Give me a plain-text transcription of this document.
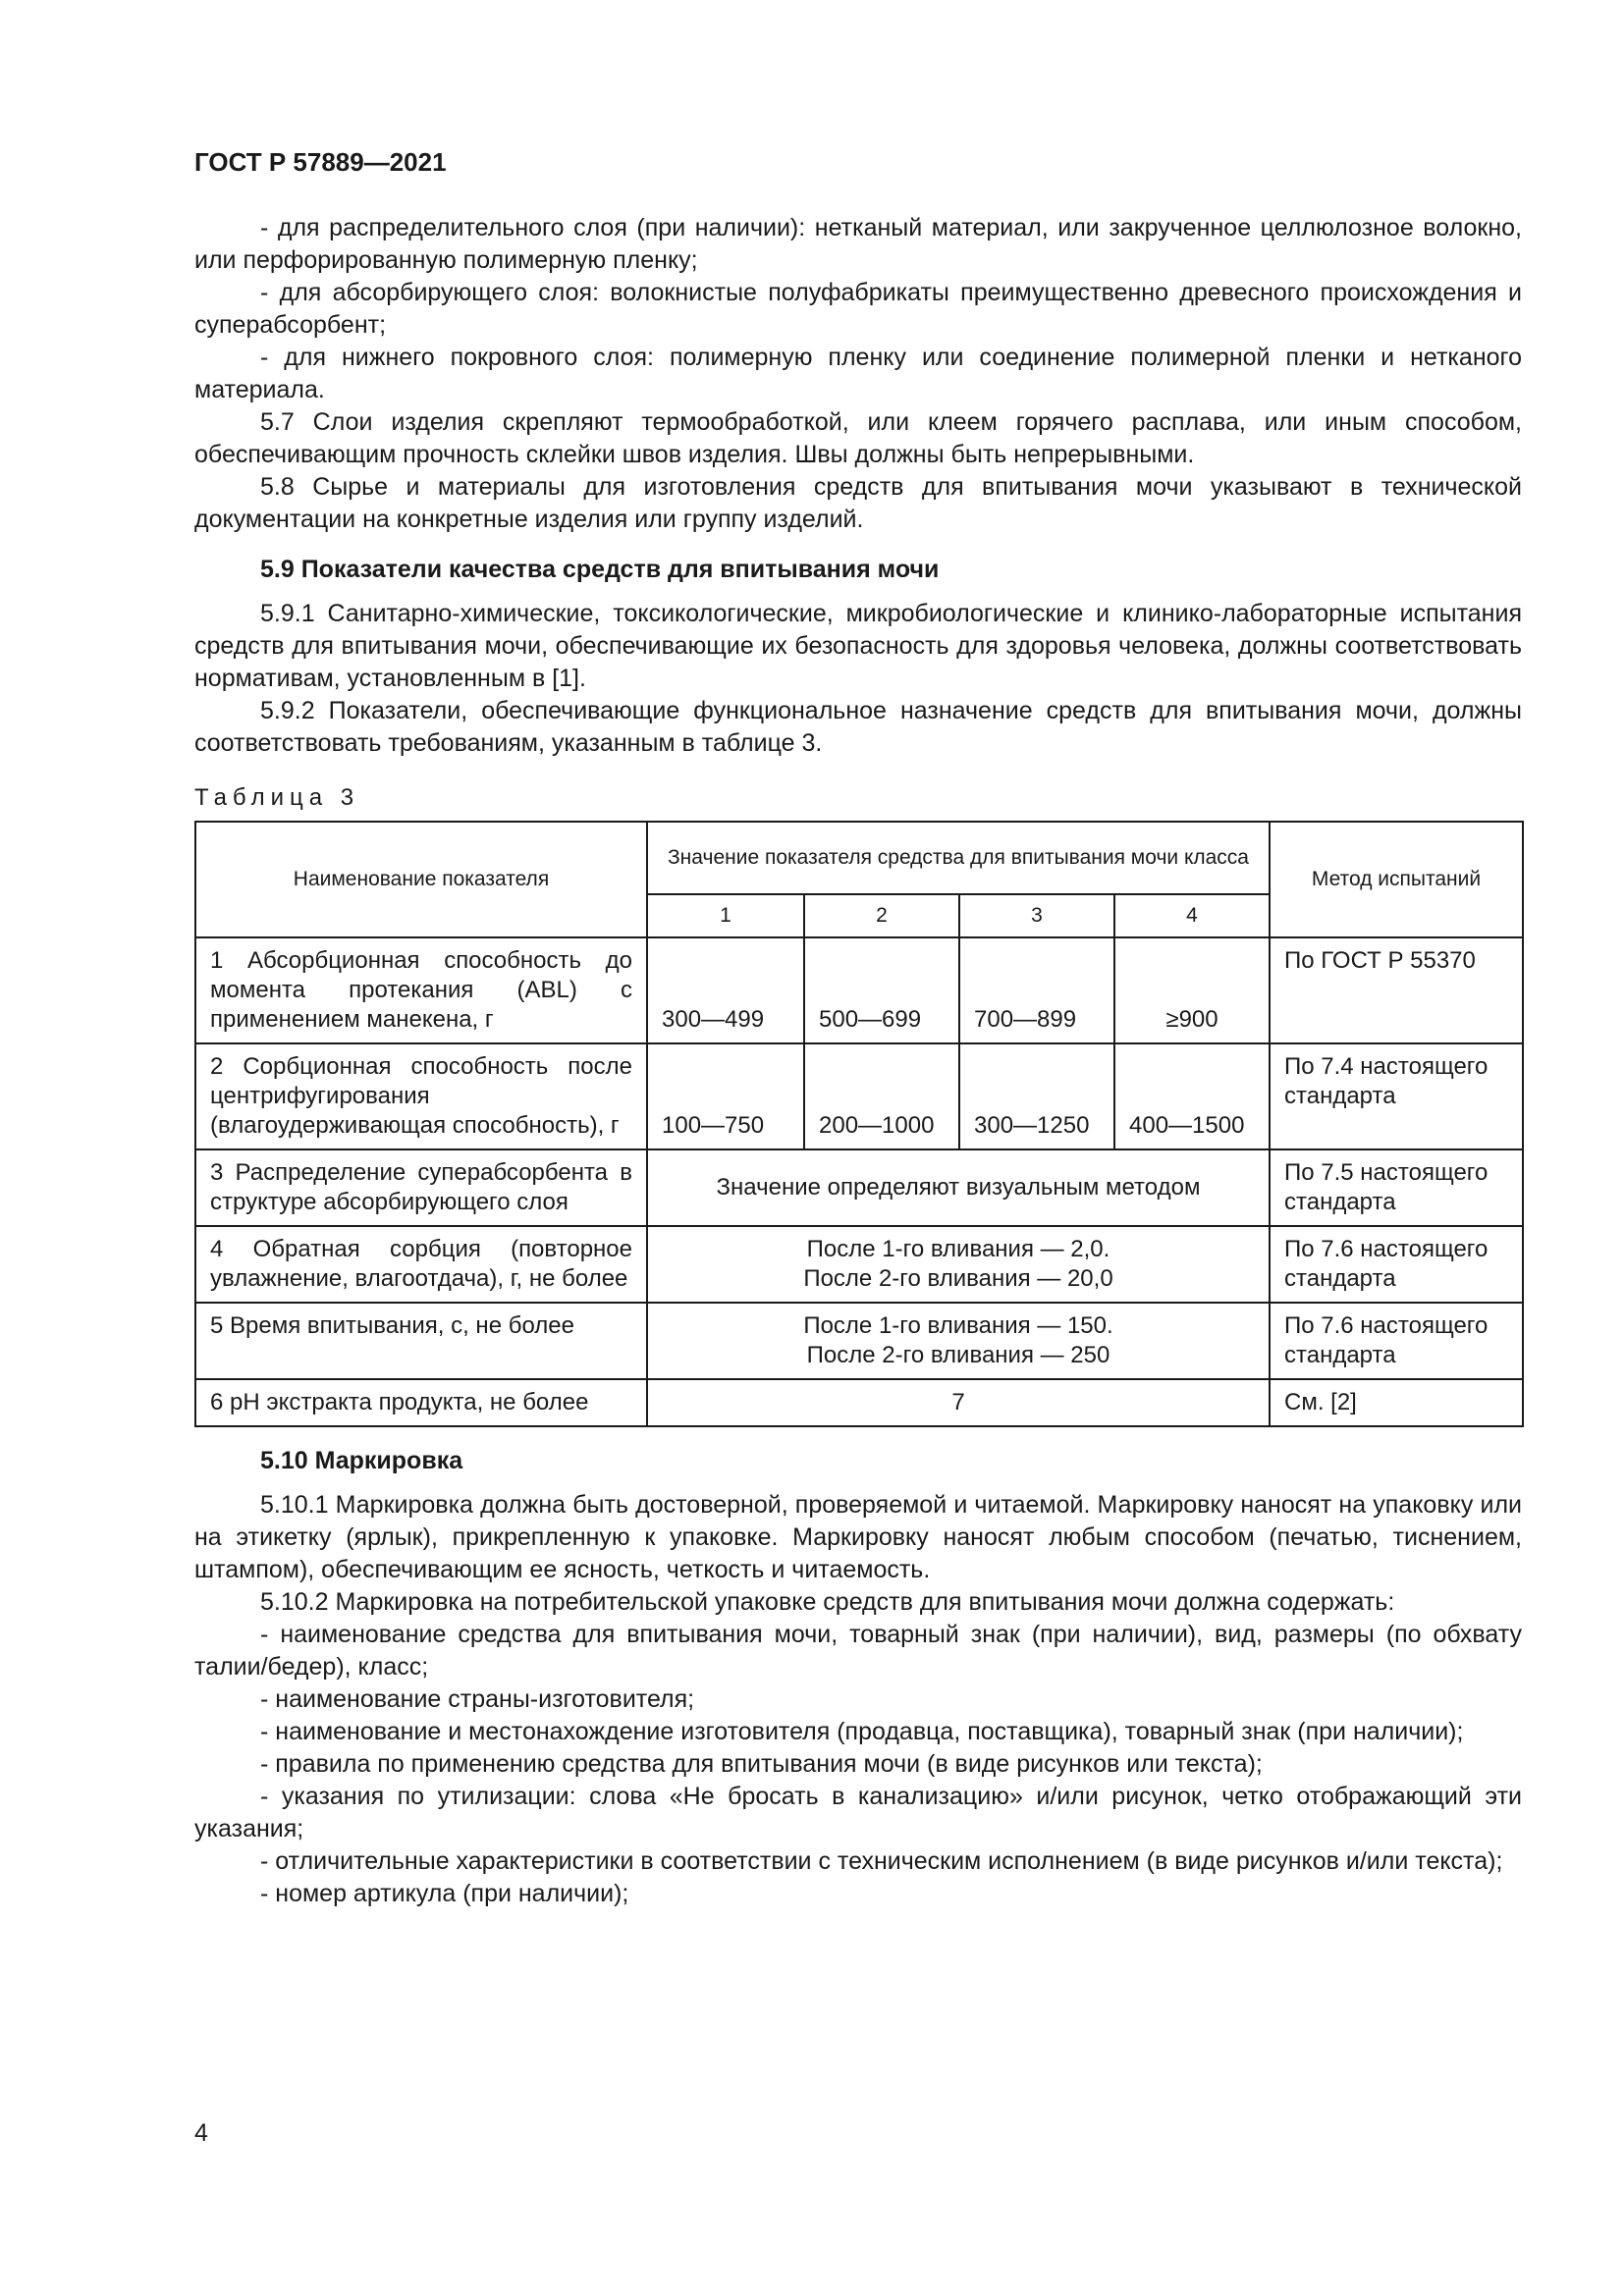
ГОСТ Р 57889—2021

- для распределительного слоя (при наличии): нетканый материал, или закрученное целлюлозное волокно, или перфорированную полимерную пленку;

- для абсорбирующего слоя: волокнистые полуфабрикаты преимущественно древесного происхождения и суперабсорбент;

- для нижнего покровного слоя: полимерную пленку или соединение полимерной пленки и нетканого материала.

5.7 Слои изделия скрепляют термообработкой, или клеем горячего расплава, или иным способом, обеспечивающим прочность склейки швов изделия. Швы должны быть непрерывными.

5.8 Сырье и материалы для изготовления средств для впитывания мочи указывают в технической документации на конкретные изделия или группу изделий.

5.9 Показатели качества средств для впитывания мочи

5.9.1 Санитарно-химические, токсикологические, микробиологические и клинико-лабораторные испытания средств для впитывания мочи, обеспечивающие их безопасность для здоровья человека, должны соответствовать нормативам, установленным в [1].

5.9.2 Показатели, обеспечивающие функциональное назначение средств для впитывания мочи, должны соответствовать требованиям, указанным в таблице 3.

Таблица 3
Наименование показателя	Значение показателя средства для впитывания мочи класса				Метод испытаний
	1	2	3	4	
1 Абсорбционная способность до момента протекания (ABL) с применением манекена, г	300—499	500—699	700—899	≥900	По ГОСТ Р 55370
2 Сорбционная способность после центрифугирования (влагоудерживающая способность), г	100—750	200—1000	300—1250	400—1500	По 7.4 настоящего стандарта
3 Распределение суперабсорбента в структуре абсорбирующего слоя	Значение определяют визуальным методом				По 7.5 настоящего стандарта
4 Обратная сорбция (повторное увлажнение, влагоотдача), г, не более	После 1-го вливания — 2,0.
После 2-го вливания — 20,0				По 7.6 настоящего стандарта
5 Время впитывания, с, не более	После 1-го вливания — 150.
После 2-го вливания — 250				По 7.6 настоящего стандарта
6 pH экстракта продукта, не более	7				См. [2]

5.10 Маркировка

5.10.1 Маркировка должна быть достоверной, проверяемой и читаемой. Маркировку наносят на упаковку или на этикетку (ярлык), прикрепленную к упаковке. Маркировку наносят любым способом (печатью, тиснением, штампом), обеспечивающим ее ясность, четкость и читаемость.

5.10.2 Маркировка на потребительской упаковке средств для впитывания мочи должна содержать:

- наименование средства для впитывания мочи, товарный знак (при наличии), вид, размеры (по обхвату талии/бедер), класс;

- наименование страны-изготовителя;

- наименование и местонахождение изготовителя (продавца, поставщика), товарный знак (при наличии);

- правила по применению средства для впитывания мочи (в виде рисунков или текста);

- указания по утилизации: слова «Не бросать в канализацию» и/или рисунок, четко отображающий эти указания;

- отличительные характеристики в соответствии с техническим исполнением (в виде рисунков и/или текста);

- номер артикула (при наличии);

4
